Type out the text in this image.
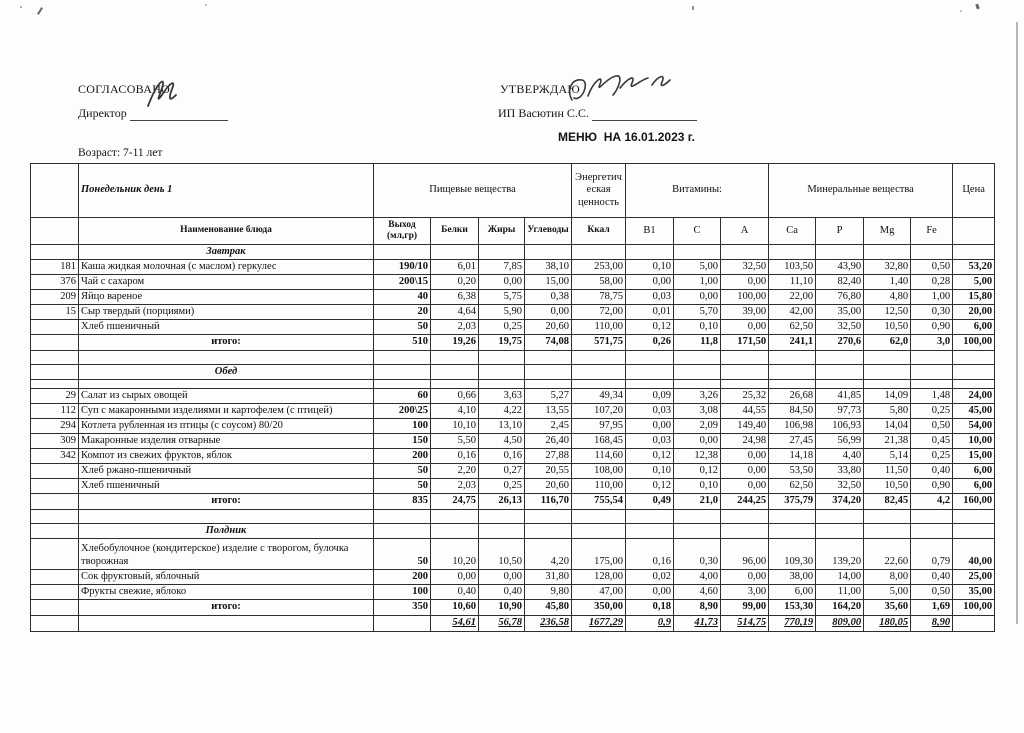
СОГЛАСОВАНО
Директор
УТВЕРЖДАЮ
ИП Васютин С.С.
МЕНЮ  НА 16.01.2023 г.
Возраст: 7-11 лет
	Понедельник день 1	Пищевые вещества				Энергетич еская ценность	Витамины:			Минеральные вещества				Цена
	Наименование блюда	Выход (мл,гр)	Белки	Жиры	Углеводы	Ккал	B1	C	A	Ca	P	Mg	Fe	
	Завтрак													
181	Каша жидкая молочная (с маслом) геркулес	190/10	6,01	7,85	38,10	253,00	0,10	5,00	32,50	103,50	43,90	32,80	0,50	53,20
376	Чай с сахаром	200\15	0,20	0,00	15,00	58,00	0,00	1,00	0,00	11,10	82,40	1,40	0,28	5,00
209	Яйцо вареное	40	6,38	5,75	0,38	78,75	0,03	0,00	100,00	22,00	76,80	4,80	1,00	15,80
15	Сыр твердый (порциями)	20	4,64	5,90	0,00	72,00	0,01	5,70	39,00	42,00	35,00	12,50	0,30	20,00
	Хлеб пшеничный	50	2,03	0,25	20,60	110,00	0,12	0,10	0,00	62,50	32,50	10,50	0,90	6,00
	итого:	510	19,26	19,75	74,08	571,75	0,26	11,8	171,50	241,1	270,6	62,0	3,0	100,00

	Обед													

29	Салат из сырых овощей	60	0,66	3,63	5,27	49,34	0,09	3,26	25,32	26,68	41,85	14,09	1,48	24,00
112	Суп с макаронными изделиями и картофелем (с птицей)	200\25	4,10	4,22	13,55	107,20	0,03	3,08	44,55	84,50	97,73	5,80	0,25	45,00
294	Котлета рубленная из птицы (с соусом) 80/20	100	10,10	13,10	2,45	97,95	0,00	2,09	149,40	106,98	106,93	14,04	0,50	54,00
309	Макаронные изделия отварные	150	5,50	4,50	26,40	168,45	0,03	0,00	24,98	27,45	56,99	21,38	0,45	10,00
342	Компот из свежих фруктов, яблок	200	0,16	0,16	27,88	114,60	0,12	12,38	0,00	14,18	4,40	5,14	0,25	15,00
	Хлеб ржано-пшеничный	50	2,20	0,27	20,55	108,00	0,10	0,12	0,00	53,50	33,80	11,50	0,40	6,00
	Хлеб пшеничный	50	2,03	0,25	20,60	110,00	0,12	0,10	0,00	62,50	32,50	10,50	0,90	6,00
	итого:	835	24,75	26,13	116,70	755,54	0,49	21,0	244,25	375,79	374,20	82,45	4,2	160,00

	Полдник													
	Хлебобулочное (кондитерское) изделие с творогом, булочка творожная	50	10,20	10,50	4,20	175,00	0,16	0,30	96,00	109,30	139,20	22,60	0,79	40,00
	Сок фруктовый, яблочный	200	0,00	0,00	31,80	128,00	0,02	4,00	0,00	38,00	14,00	8,00	0,40	25,00
	Фрукты свежие, яблоко	100	0,40	0,40	9,80	47,00	0,00	4,60	3,00	6,00	11,00	5,00	0,50	35,00
	итого:	350	10,60	10,90	45,80	350,00	0,18	8,90	99,00	153,30	164,20	35,60	1,69	100,00
			54,61	56,78	236,58	1677,29	0,9	41,73	514,75	770,19	809,00	180,05	8,90	
